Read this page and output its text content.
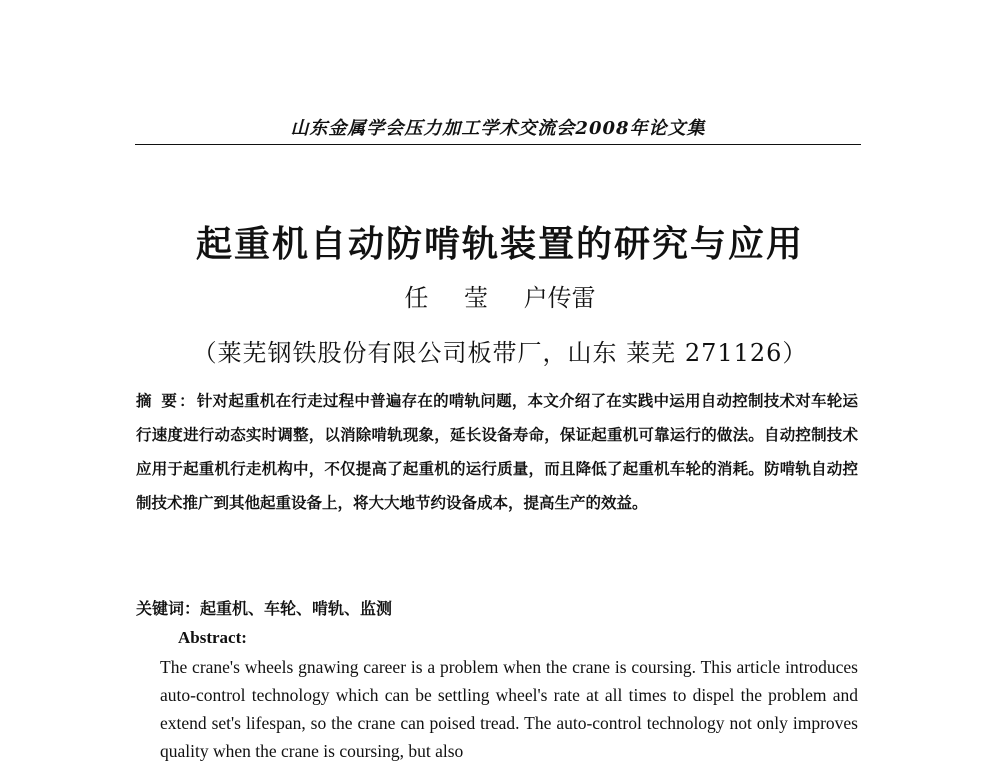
山东金属学会压力加工学术交流会2008年论文集
起重机自动防啃轨装置的研究与应用
任 莹 户传雷
（莱芜钢铁股份有限公司板带厂，山东 莱芜 271126）
摘 要：针对起重机在行走过程中普遍存在的啃轨问题，本文介绍了在实践中运用自动控制技术对车轮运行速度进行动态实时调整，以消除啃轨现象，延长设备寿命，保证起重机可靠运行的做法。自动控制技术应用于起重机行走机构中，不仅提高了起重机的运行质量，而且降低了起重机车轮的消耗。防啃轨自动控制技术推广到其他起重设备上，将大大地节约设备成本，提高生产的效益。
关键词：起重机、车轮、啃轨、监测
Abstract:
The crane's wheels gnawing career is a problem when the crane is coursing. This article introduces auto-control technology which can be settling wheel's rate at all times to dispel the problem and extend set's lifespan, so the crane can poised tread. The auto-control technology not only improves quality when the crane is coursing, but also
